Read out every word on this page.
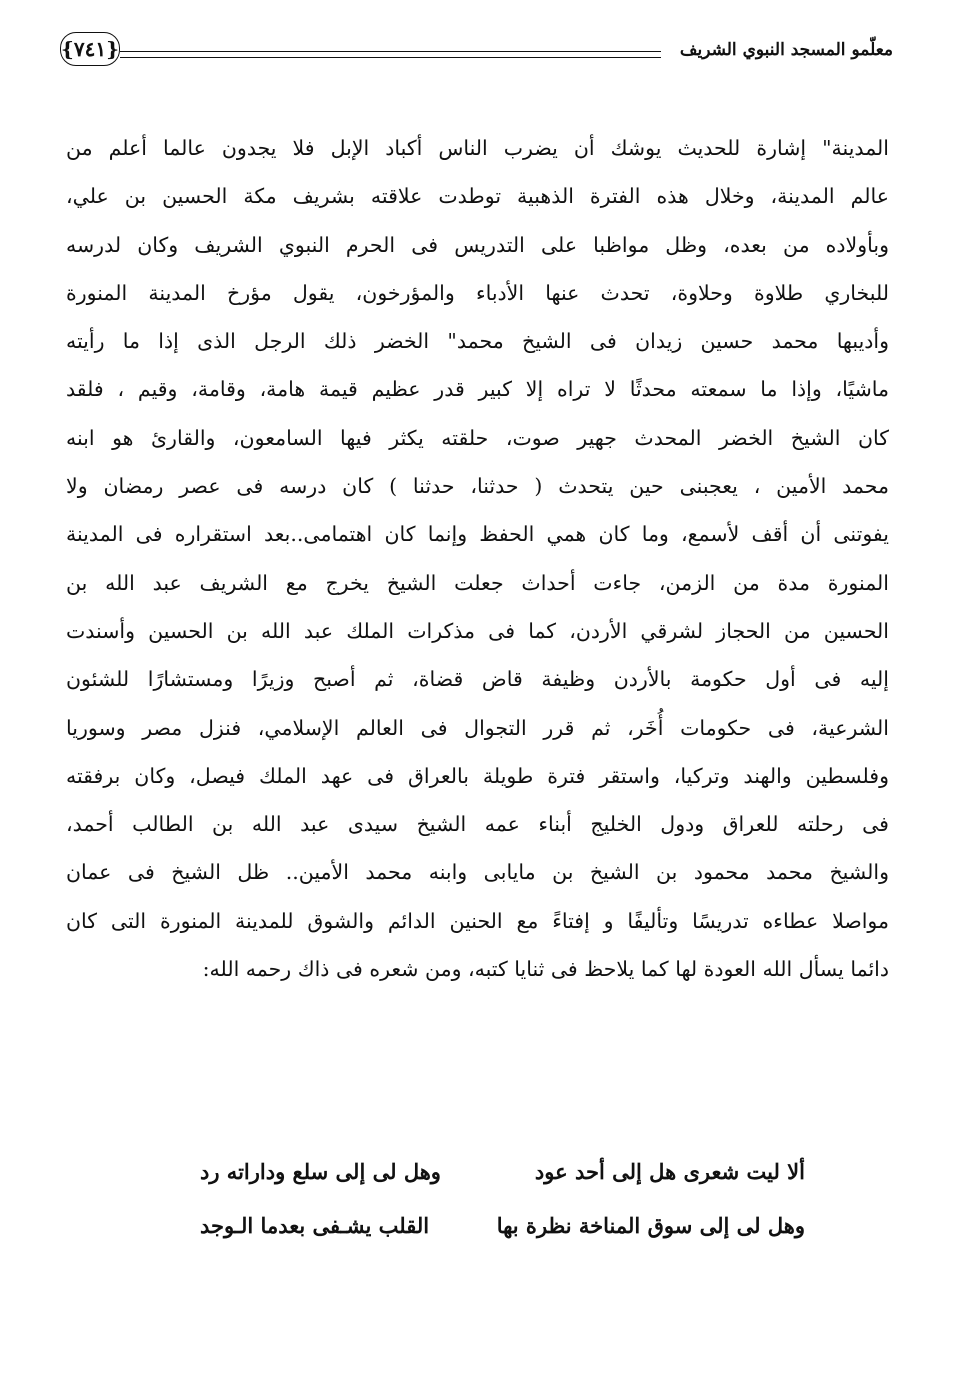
معلّمو المسجد النبوي الشريف
{٧٤١}
المدينة" إشارة للحديث يوشك أن يضرب الناس أكباد الإبل فلا يجدون عالما أعلم من
عالم المدينة، وخلال هذه الفترة الذهبية توطدت علاقته بشريف مكة الحسين بن علي،
وبأولاده من بعده، وظل مواظبا على التدريس فى الحرم النبوي الشريف وكان لدرسه
للبخاري طلاوة وحلاوة، تحدث عنها الأدباء والمؤرخون، يقول مؤرخ المدينة المنورة
وأديبها محمد حسين زيدان فى الشيخ محمد" الخضر ذلك الرجل الذى إذا ما رأيته
ماشيًا، وإذا ما سمعته محدثًا لا تراه إلا كبير قدر عظيم قيمة هامة، وقامة، وقيم ، فلقد
كان الشيخ الخضر المحدث جهير صوت، حلقته يكثر فيها السامعون، والقارئ هو ابنه
محمد الأمين ، يعجبنى حين يتحدث ( حدثنا، حدثنا ) كان درسه فى عصر رمضان ولا
يفوتنى أن أقف لأسمع، وما كان همي الحفظ وإنما كان اهتمامى..بعد استقراره فى المدينة
المنورة مدة من الزمن، جاءت أحداث جعلت الشيخ يخرج مع الشريف عبد الله بن
الحسين من الحجاز لشرقي الأردن، كما فى مذكرات الملك عبد الله بن الحسين وأسندت
إليه فى أول حكومة بالأردن وظيفة قاض قضاة، ثم أصبح وزيرًا ومستشارًا للشئون
الشرعية، فى حكومات أُخَر، ثم قرر التجوال فى العالم الإسلامي، فنزل مصر وسوريا
وفلسطين والهند وتركيا، واستقر فترة طويلة بالعراق فى عهد الملك فيصل، وكان برفقته
فى رحلته للعراق ودول الخليج أبناء عمه الشيخ سيدى عبد الله بن الطالب أحمد،
والشيخ محمد محمود بن الشيخ بن مايابى وابنه محمد الأمين.. ظل الشيخ فى عمان
مواصلا عطاءه تدريسًا وتأليفًا و إفتاءً مع الحنين الدائم والشوق للمدينة المنورة التى كان
دائما يسأل الله العودة لها كما يلاحظ فى ثنايا كتبه، ومن شعره فى ذاك رحمه الله:
ألا ليت شعرى هل إلى أحد عود
وهل لى إلى سلع وداراته رد
وهل لى إلى سوق المناخة نظرة بها
القلب يشـفى بعدما الـوجد
